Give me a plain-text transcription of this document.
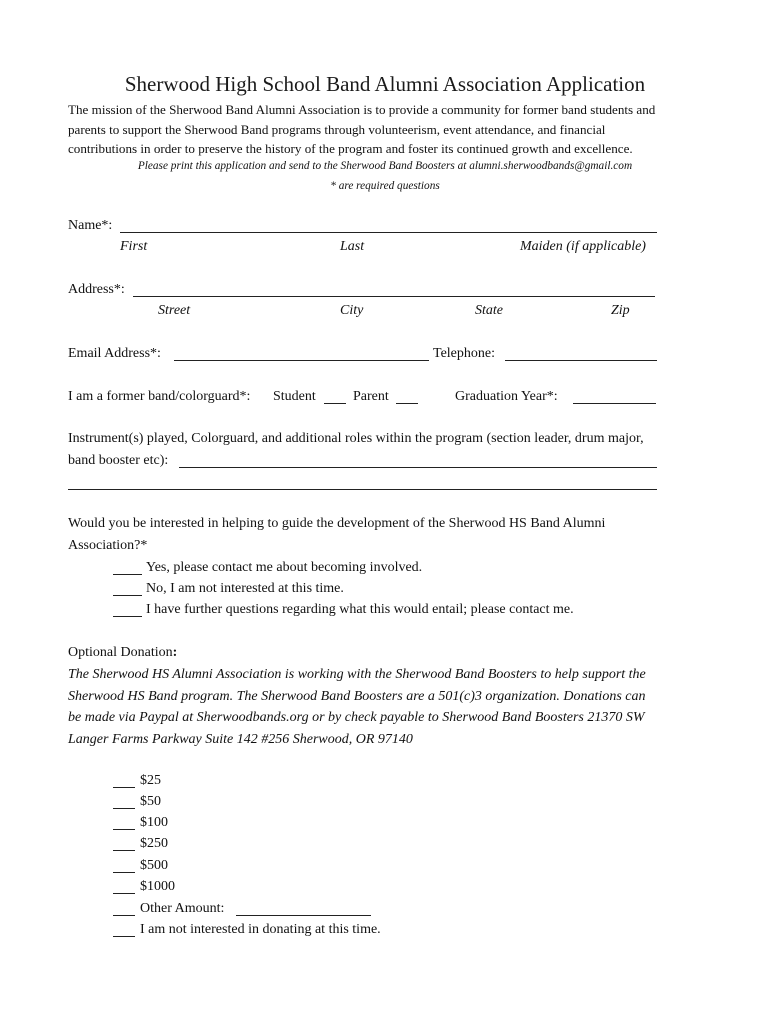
Sherwood High School Band Alumni Association Application
The mission of the Sherwood Band Alumni Association is to provide a community for former band students and
parents to support the Sherwood Band programs through volunteerism, event attendance, and financial
contributions in order to preserve the history of the program and foster its continued growth and excellence.
Please print this application and send to the Sherwood Band Boosters at alumni.sherwoodbands@gmail.com
* are required questions
Name*:
First	Last	Maiden (if applicable)
Address*:
Street	City	State	Zip
Email Address*:	Telephone:
I am a former band/colorguard*: Student	Parent	Graduation Year*:
Instrument(s) played, Colorguard, and additional roles within the program (section leader, drum major,
band booster etc):
Would you be interested in helping to guide the development of the Sherwood HS Band Alumni
Association?*
Yes, please contact me about becoming involved.
No, I am not interested at this time.
I have further questions regarding what this would entail; please contact me.
Optional Donation:
The Sherwood HS Alumni Association is working with the Sherwood Band Boosters to help support the
Sherwood HS Band program. The Sherwood Band Boosters are a 501(c)3 organization. Donations can
be made via Paypal at Sherwoodbands.org or by check payable to Sherwood Band Boosters 21370 SW
Langer Farms Parkway Suite 142 #256 Sherwood, OR 97140
$25
$50
$100
$250
$500
$1000
Other Amount:
I am not interested in donating at this time.
